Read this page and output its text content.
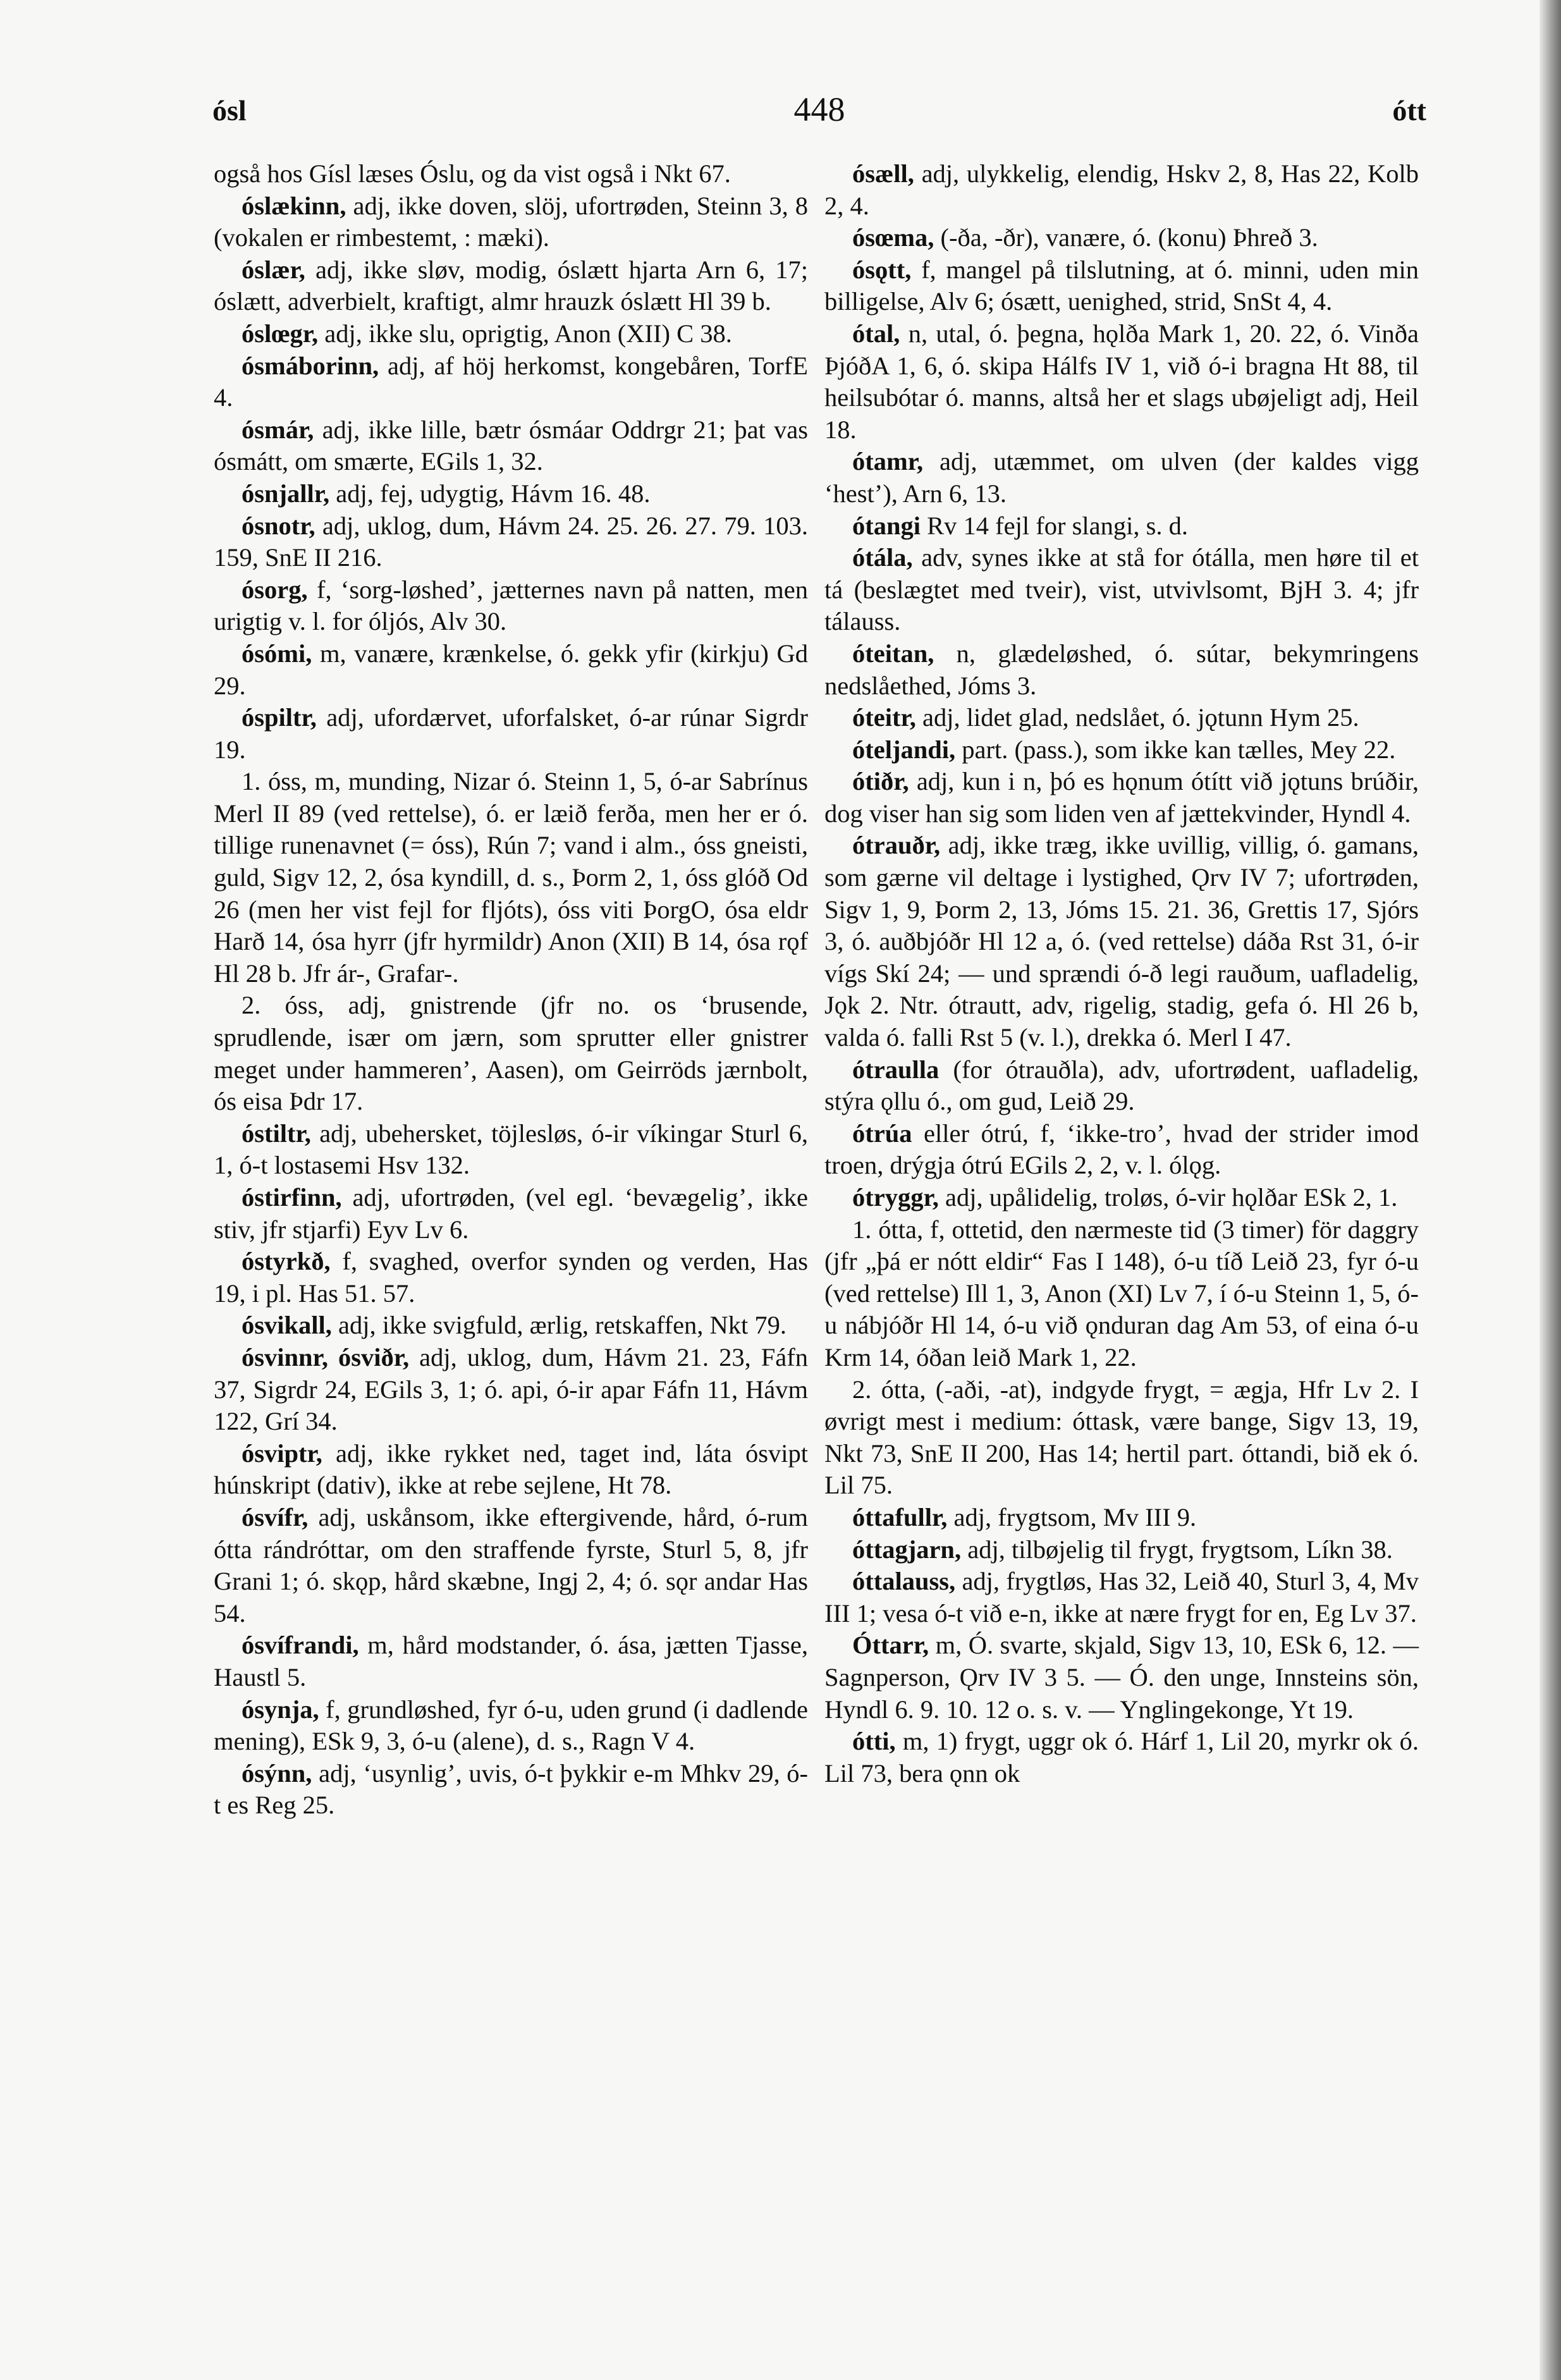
ósl	448	ótt

også hos Gísl læses Óslu, og da vist også i Nkt 67.

óslækinn, adj, ikke doven, slöj, ufortrøden, Steinn 3, 8 (vokalen er rimbestemt, : mæki).

óslær, adj, ikke sløv, modig, óslætt hjarta Arn 6, 17; óslætt, adverbielt, kraftigt, almr hrauzk óslætt Hl 39 b.

óslœgr, adj, ikke slu, oprigtig, Anon (XII) C 38.

ósmáborinn, adj, af höj herkomst, kongebåren, TorfE 4.

ósmár, adj, ikke lille, bætr ósmáar Oddrgr 21; þat vas ósmátt, om smærte, EGils 1, 32.

ósnjallr, adj, fej, udygtig, Hávm 16. 48.

ósnotr, adj, uklog, dum, Hávm 24. 25. 26. 27. 79. 103. 159, SnE II 216.

ósorg, f, ‘sorg-løshed’, jætternes navn på natten, men urigtig v. l. for óljós, Alv 30.

ósómi, m, vanære, krænkelse, ó. gekk yfir (kirkju) Gd 29.

óspiltr, adj, ufordærvet, uforfalsket, ó-ar rúnar Sigrdr 19.

1. óss, m, munding, Nizar ó. Steinn 1, 5, ó-ar Sabrínus Merl II 89 (ved rettelse), ó. er læið ferða, men her er ó. tillige runenavnet (= óss), Rún 7; vand i alm., óss gneisti, guld, Sigv 12, 2, ósa kyndill, d. s., Þorm 2, 1, óss glóð Od 26 (men her vist fejl for fljóts), óss viti ÞorgO, ósa eldr Harð 14, ósa hyrr (jfr hyrmildr) Anon (XII) B 14, ósa rǫf Hl 28 b. Jfr ár-, Grafar-.

2. óss, adj, gnistrende (jfr no. os ‘brusende, sprudlende, især om jærn, som sprutter eller gnistrer meget under hammeren’, Aasen), om Geirröds jærnbolt, ós eisa Þdr 17.

óstiltr, adj, ubehersket, töjlesløs, ó-ir víkingar Sturl 6, 1, ó-t lostasemi Hsv 132.

óstirfinn, adj, ufortrøden, (vel egl. ‘bevægelig’, ikke stiv, jfr stjarfi) Eyv Lv 6.

óstyrkð, f, svaghed, overfor synden og verden, Has 19, i pl. Has 51. 57.

ósvikall, adj, ikke svigfuld, ærlig, retskaffen, Nkt 79.

ósvinnr, ósviðr, adj, uklog, dum, Hávm 21. 23, Fáfn 37, Sigrdr 24, EGils 3, 1; ó. api, ó-ir apar Fáfn 11, Hávm 122, Grí 34.

ósviptr, adj, ikke rykket ned, taget ind, láta ósvipt húnskript (dativ), ikke at rebe sejlene, Ht 78.

ósvífr, adj, uskånsom, ikke eftergivende, hård, ó-rum ótta rándróttar, om den straffende fyrste, Sturl 5, 8, jfr Grani 1; ó. skǫp, hård skæbne, Ingj 2, 4; ó. sǫr andar Has 54.

ósvífrandi, m, hård modstander, ó. ása, jætten Tjasse, Haustl 5.

ósynja, f, grundløshed, fyr ó-u, uden grund (i dadlende mening), ESk 9, 3, ó-u (alene), d. s., Ragn V 4.

ósýnn, adj, ‘usynlig’, uvis, ó-t þykkir e-m Mhkv 29, ó-t es Reg 25.

ósæll, adj, ulykkelig, elendig, Hskv 2, 8, Has 22, Kolb 2, 4.

ósœma, (-ða, -ðr), vanære, ó. (konu) Þhreð 3.

ósǫtt, f, mangel på tilslutning, at ó. minni, uden min billigelse, Alv 6; ósætt, uenighed, strid, SnSt 4, 4.

ótal, n, utal, ó. þegna, hǫlða Mark 1, 20. 22, ó. Vinða ÞjóðA 1, 6, ó. skipa Hálfs IV 1, við ó-i bragna Ht 88, til heilsubótar ó. manns, altså her et slags ubøjeligt adj, Heil 18.

ótamr, adj, utæmmet, om ulven (der kaldes vigg ‘hest’), Arn 6, 13.

ótangi Rv 14 fejl for slangi, s. d.

ótála, adv, synes ikke at stå for ótálla, men høre til et tá (beslægtet med tveir), vist, utvivlsomt, BjH 3. 4; jfr tálauss.

óteitan, n, glædeløshed, ó. sútar, bekymringens nedslåethed, Jóms 3.

óteitr, adj, lidet glad, nedslået, ó. jǫtunn Hym 25.

óteljandi, part. (pass.), som ikke kan tælles, Mey 22.

ótiðr, adj, kun i n, þó es hǫnum ótítt við jǫtuns brúðir, dog viser han sig som liden ven af jættekvinder, Hyndl 4.

ótrauðr, adj, ikke træg, ikke uvillig, villig, ó. gamans, som gærne vil deltage i lystighed, Ǫrv IV 7; ufortrøden, Sigv 1, 9, Þorm 2, 13, Jóms 15. 21. 36, Grettis 17, Sjórs 3, ó. auðbjóðr Hl 12 a, ó. (ved rettelse) dáða Rst 31, ó-ir vígs Skí 24; — und sprændi ó-ð legi rauðum, uafladelig, Jǫk 2. Ntr. ótrautt, adv, rigelig, stadig, gefa ó. Hl 26 b, valda ó. falli Rst 5 (v. l.), drekka ó. Merl I 47.

ótraulla (for ótrauðla), adv, ufortrødent, uafladelig, stýra ǫllu ó., om gud, Leið 29.

ótrúa eller ótrú, f, ‘ikke-tro’, hvad der strider imod troen, drýgja ótrú EGils 2, 2, v. l. ólǫg.

ótryggr, adj, upålidelig, troløs, ó-vir hǫlðar ESk 2, 1.

1. ótta, f, ottetid, den nærmeste tid (3 timer) för daggry (jfr „þá er nótt eldir“ Fas I 148), ó-u tíð Leið 23, fyr ó-u (ved rettelse) Ill 1, 3, Anon (XI) Lv 7, í ó-u Steinn 1, 5, ó-u nábjóðr Hl 14, ó-u við ǫnduran dag Am 53, of eina ó-u Krm 14, óðan leið Mark 1, 22.

2. ótta, (-aði, -at), indgyde frygt, = ægja, Hfr Lv 2. I øvrigt mest i medium: óttask, være bange, Sigv 13, 19, Nkt 73, SnE II 200, Has 14; hertil part. óttandi, bið ek ó. Lil 75.

óttafullr, adj, frygtsom, Mv III 9.

óttagjarn, adj, tilbøjelig til frygt, frygtsom, Líkn 38.

óttalauss, adj, frygtløs, Has 32, Leið 40, Sturl 3, 4, Mv III 1; vesa ó-t við e-n, ikke at nære frygt for en, Eg Lv 37.

Óttarr, m, Ó. svarte, skjald, Sigv 13, 10, ESk 6, 12. — Sagnperson, Ǫrv IV 3 5. — Ó. den unge, Innsteins sön, Hyndl 6. 9. 10. 12 o. s. v. — Ynglingekonge, Yt 19.

ótti, m, 1) frygt, uggr ok ó. Hárf 1, Lil 20, myrkr ok ó. Lil 73, bera ǫnn ok
